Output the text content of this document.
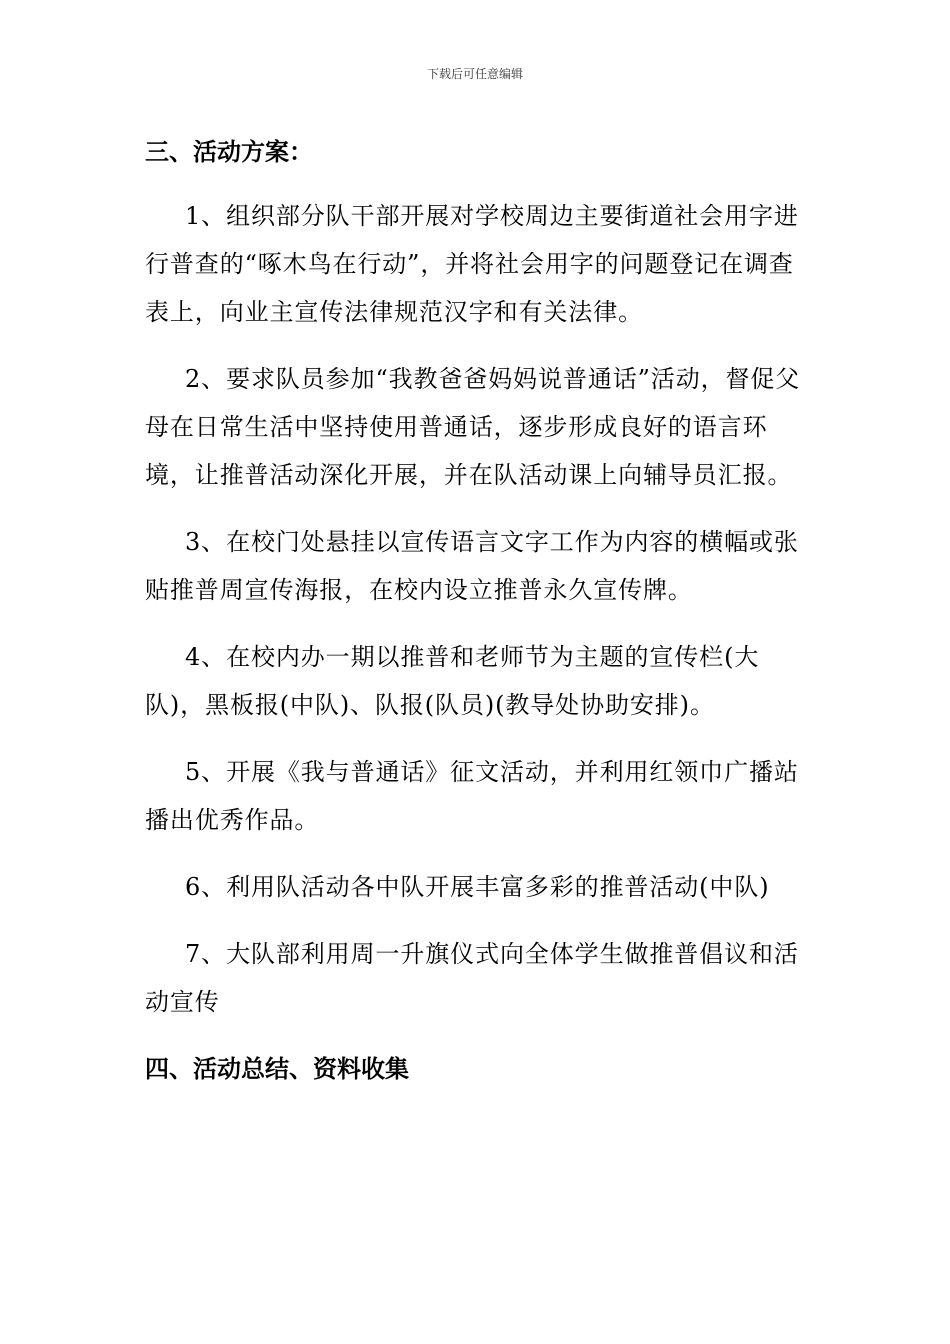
下载后可任意编辑
三、活动方案：

1、组织部分队干部开展对学校周边主要街道社会用字进行普查的“啄木鸟在行动”，并将社会用字的问题登记在调查表上，向业主宣传法律规范汉字和有关法律。

2、要求队员参加“我教爸爸妈妈说普通话”活动，督促父母在日常生活中坚持使用普通话，逐步形成良好的语言环境，让推普活动深化开展，并在队活动课上向辅导员汇报。

3、在校门处悬挂以宣传语言文字工作为内容的横幅或张贴推普周宣传海报，在校内设立推普永久宣传牌。

4、在校内办一期以推普和老师节为主题的宣传栏(大队)，黑板报(中队)、队报(队员)(教导处协助安排)。

5、开展《我与普通话》征文活动，并利用红领巾广播站播出优秀作品。

6、利用队活动各中队开展丰富多彩的推普活动(中队)

7、大队部利用周一升旗仪式向全体学生做推普倡议和活动宣传

四、活动总结、资料收集
